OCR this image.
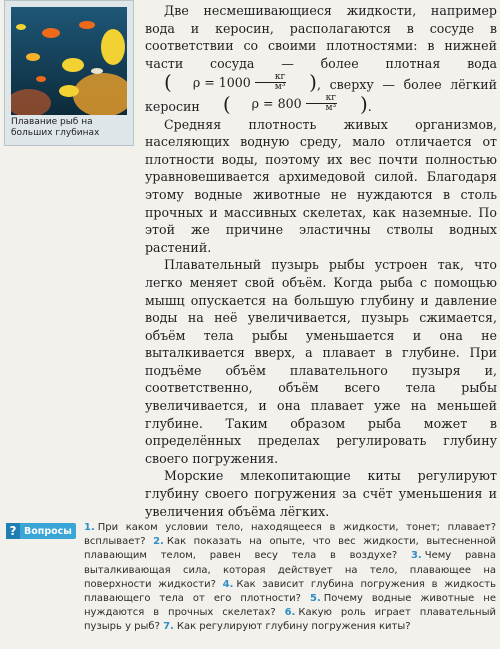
Плавание рыб на больших глубинах

Две несмешивающиеся жидкости, например вода и керосин, располагаются в сосуде в соответствии со своими плотностями: в нижней части сосуда — более плотная вода
(	$\rho = 1000 \frac{кг}{\text{м³}}$	) , сверху — более лёгкий керосин	(	$\rho = 800 \frac{кг}{\text{м³}}$	) .

Средняя плотность живых организмов, населяющих водную среду, мало отличается от плотности воды, поэтому их вес почти полностью уравновешивается архимедовой силой. Благодаря этому водные животные не нуждаются в столь прочных и массивных скелетах, как наземные. По этой же причине эластичны стволы водных растений.

Плавательный пузырь рыбы устроен так, что легко меняет свой объём. Когда рыба с помощью мышц опускается на большую глубину и давление воды на неё увеличивается, пузырь сжимается, объём тела рыбы уменьшается и она не выталкивается вверх, а плавает в глубине. При подъёме объём плавательного пузыря и, соответственно, объём всего тела рыбы увеличивается, и она плавает уже на меньшей глубине. Таким образом рыба может в определённых пределах регулировать глубину своего погружения.

Морские млекопитающие киты регулируют глубину своего погружения за счёт уменьшения и увеличения объёма лёгких.

? Вопросы 1. При каком условии тело, находящееся в жидкости, тонет; плавает? всплывает? 2. Как показать на опыте, что вес жидкости, вытесненной плавающим телом, равен весу тела в воздухе? 3. Чему равна выталкивающая сила, которая действует на тело, плавающее на поверхности жидкости? 4. Как зависит глубина погружения в жидкость плавающего тела от его плотности? 5. Почему водные животные не нуждаются в прочных скелетах? 6. Какую роль играет плавательный пузырь у рыб? 7. Как регулируют глубину погружения киты?
